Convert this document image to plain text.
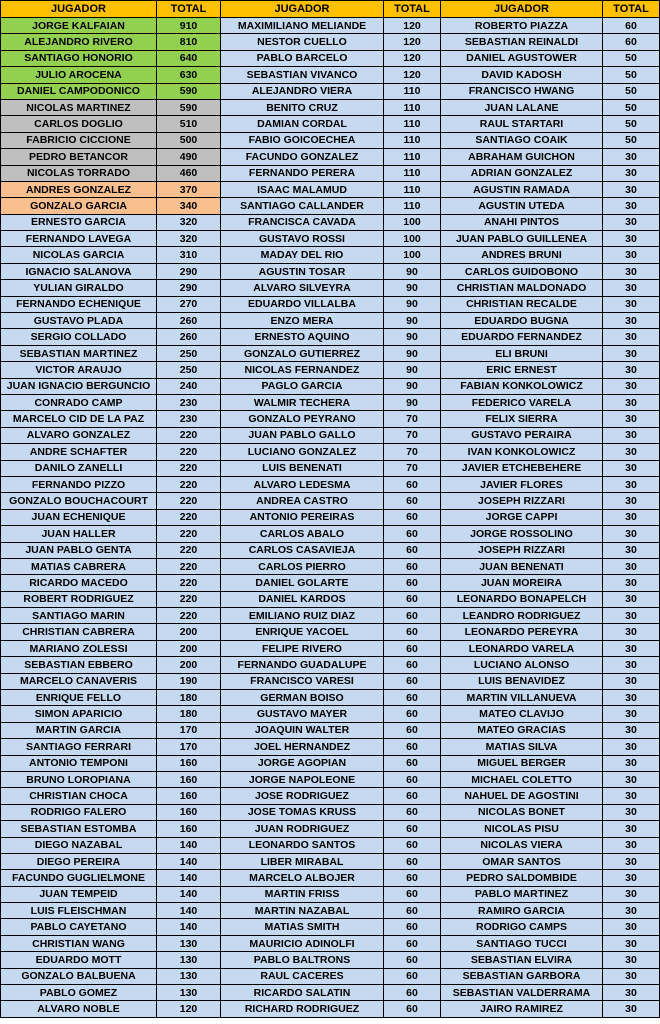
JUGADOR	TOTAL	JUGADOR	TOTAL	JUGADOR	TOTAL
JORGE KALFAIAN	910	MAXIMILIANO MELIANDE	120	ROBERTO PIAZZA	60
ALEJANDRO RIVERO	810	NESTOR CUELLO	120	SEBASTIAN REINALDI	60
SANTIAGO HONORIO	640	PABLO BARCELO	120	DANIEL AGUSTOWER	50
JULIO AROCENA	630	SEBASTIAN VIVANCO	120	DAVID KADOSH	50
DANIEL CAMPODONICO	590	ALEJANDRO VIERA	110	FRANCISCO HWANG	50
NICOLAS MARTINEZ	590	BENITO CRUZ	110	JUAN LALANE	50
CARLOS DOGLIO	510	DAMIAN CORDAL	110	RAUL STARTARI	50
FABRICIO CICCIONE	500	FABIO GOICOECHEA	110	SANTIAGO COAIK	50
PEDRO BETANCOR	490	FACUNDO GONZALEZ	110	ABRAHAM GUICHON	30
NICOLAS TORRADO	460	FERNANDO PERERA	110	ADRIAN GONZALEZ	30
ANDRES GONZALEZ	370	ISAAC MALAMUD	110	AGUSTIN RAMADA	30
GONZALO GARCIA	340	SANTIAGO CALLANDER	110	AGUSTIN UTEDA	30
ERNESTO GARCIA	320	FRANCISCA CAVADA	100	ANAHI PINTOS	30
FERNANDO LAVEGA	320	GUSTAVO ROSSI	100	JUAN PABLO GUILLENEA	30
NICOLAS GARCIA	310	MADAY DEL RIO	100	ANDRES BRUNI	30
IGNACIO SALANOVA	290	AGUSTIN TOSAR	90	CARLOS GUIDOBONO	30
YULIAN GIRALDO	290	ALVARO SILVEYRA	90	CHRISTIAN MALDONADO	30
FERNANDO ECHENIQUE	270	EDUARDO VILLALBA	90	CHRISTIAN RECALDE	30
GUSTAVO PLADA	260	ENZO MERA	90	EDUARDO BUGNA	30
SERGIO COLLADO	260	ERNESTO AQUINO	90	EDUARDO FERNANDEZ	30
SEBASTIAN MARTINEZ	250	GONZALO GUTIERREZ	90	ELI BRUNI	30
VICTOR ARAUJO	250	NICOLAS FERNANDEZ	90	ERIC ERNEST	30
JUAN IGNACIO BERGUNCIO	240	PAGLO GARCIA	90	FABIAN KONKOLOWICZ	30
CONRADO CAMP	230	WALMIR TECHERA	90	FEDERICO VARELA	30
MARCELO CID DE LA PAZ	230	GONZALO PEYRANO	70	FELIX SIERRA	30
ALVARO GONZALEZ	220	JUAN PABLO GALLO	70	GUSTAVO PERAIRA	30
ANDRE SCHAFTER	220	LUCIANO GONZALEZ	70	IVAN KONKOLOWICZ	30
DANILO ZANELLI	220	LUIS BENENATI	70	JAVIER ETCHEBEHERE	30
FERNANDO PIZZO	220	ALVARO LEDESMA	60	JAVIER FLORES	30
GONZALO BOUCHACOURT	220	ANDREA CASTRO	60	JOSEPH RIZZARI	30
JUAN ECHENIQUE	220	ANTONIO PEREIRAS	60	JORGE CAPPI	30
JUAN HALLER	220	CARLOS ABALO	60	JORGE ROSSOLINO	30
JUAN PABLO GENTA	220	CARLOS CASAVIEJA	60	JOSEPH RIZZARI	30
MATIAS CABRERA	220	CARLOS PIERRO	60	JUAN BENENATI	30
RICARDO MACEDO	220	DANIEL GOLARTE	60	JUAN MOREIRA	30
ROBERT RODRIGUEZ	220	DANIEL KARDOS	60	LEONARDO BONAPELCH	30
SANTIAGO MARIN	220	EMILIANO RUIZ DIAZ	60	LEANDRO RODRIGUEZ	30
CHRISTIAN CABRERA	200	ENRIQUE YACOEL	60	LEONARDO PEREYRA	30
MARIANO ZOLESSI	200	FELIPE RIVERO	60	LEONARDO VARELA	30
SEBASTIAN EBBERO	200	FERNANDO GUADALUPE	60	LUCIANO ALONSO	30
MARCELO CANAVERIS	190	FRANCISCO VARESI	60	LUIS BENAVIDEZ	30
ENRIQUE FELLO	180	GERMAN BOISO	60	MARTIN VILLANUEVA	30
SIMON APARICIO	180	GUSTAVO MAYER	60	MATEO CLAVIJO	30
MARTIN GARCIA	170	JOAQUIN WALTER	60	MATEO GRACIAS	30
SANTIAGO FERRARI	170	JOEL HERNANDEZ	60	MATIAS SILVA	30
ANTONIO TEMPONI	160	JORGE AGOPIAN	60	MIGUEL BERGER	30
BRUNO LOROPIANA	160	JORGE NAPOLEONE	60	MICHAEL COLETTO	30
CHRISTIAN CHOCA	160	JOSE RODRIGUEZ	60	NAHUEL DE AGOSTINI	30
RODRIGO FALERO	160	JOSE TOMAS KRUSS	60	NICOLAS BONET	30
SEBASTIAN ESTOMBA	160	JUAN RODRIGUEZ	60	NICOLAS PISU	30
DIEGO NAZABAL	140	LEONARDO SANTOS	60	NICOLAS VIERA	30
DIEGO PEREIRA	140	LIBER MIRABAL	60	OMAR SANTOS	30
FACUNDO GUGLIELMONE	140	MARCELO ALBOJER	60	PEDRO SALDOMBIDE	30
JUAN TEMPEID	140	MARTIN FRISS	60	PABLO MARTINEZ	30
LUIS FLEISCHMAN	140	MARTIN NAZABAL	60	RAMIRO GARCIA	30
PABLO CAYETANO	140	MATIAS SMITH	60	RODRIGO CAMPS	30
CHRISTIAN WANG	130	MAURICIO ADINOLFI	60	SANTIAGO TUCCI	30
EDUARDO MOTT	130	PABLO BALTRONS	60	SEBASTIAN ELVIRA	30
GONZALO BALBUENA	130	RAUL CACERES	60	SEBASTIAN GARBORA	30
PABLO GOMEZ	130	RICARDO SALATIN	60	SEBASTIAN VALDERRAMA	30
ALVARO NOBLE	120	RICHARD RODRIGUEZ	60	JAIRO RAMIREZ	30
